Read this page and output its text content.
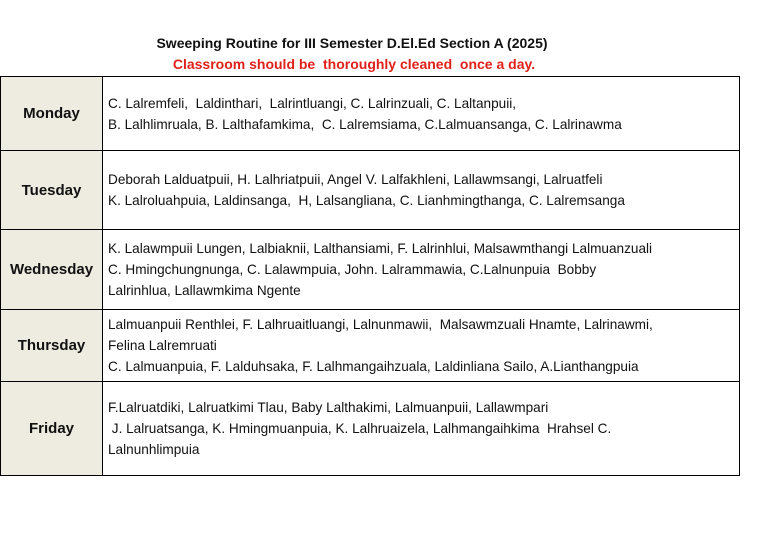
Sweeping Routine for III Semester D.El.Ed Section A (2025)
Classroom should be  thoroughly cleaned  once a day.
Monday	C. Lalremfeli,  Laldinthari,  Lalrintluangi, C. Lalrinzuali, C. Laltanpuii,
B. Lalhlimruala, B. Lalthafamkima,  C. Lalremsiama, C.Lalmuansanga, C. Lalrinawma

Tuesday	Deborah Lalduatpuii, H. Lalhriatpuii, Angel V. Lalfakhleni, Lallawmsangi, Lalruatfeli
K. Lalroluahpuia, Laldinsanga,  H, Lalsangliana, C. Lianhmingthanga, C. Lalremsanga

Wednesday	K. Lalawmpuii Lungen, Lalbiaknii, Lalthansiami, F. Lalrinhlui, Malsawmthangi Lalmuanzuali
C. Hmingchungnunga, C. Lalawmpuia, John. Lalrammawia, C.Lalnunpuia  Bobby
Lalrinhlua, Lallawmkima Ngente

Thursday	Lalmuanpuii Renthlei, F. Lalhruaitluangi, Lalnunmawii,  Malsawmzuali Hnamte, Lalrinawmi,
Felina Lalremruati
C. Lalmuanpuia, F. Lalduhsaka, F. Lalhmangaihzuala, Laldinliana Sailo, A.Lianthangpuia

Friday	F.Lalruatdiki, Lalruatkimi Tlau, Baby Lalthakimi, Lalmuanpuii, Lallawmpari
J. Lalruatsanga, K. Hmingmuanpuia, K. Lalhruaizela, Lalhmangaihkima  Hrahsel C.
Lalnunhlimpuia
